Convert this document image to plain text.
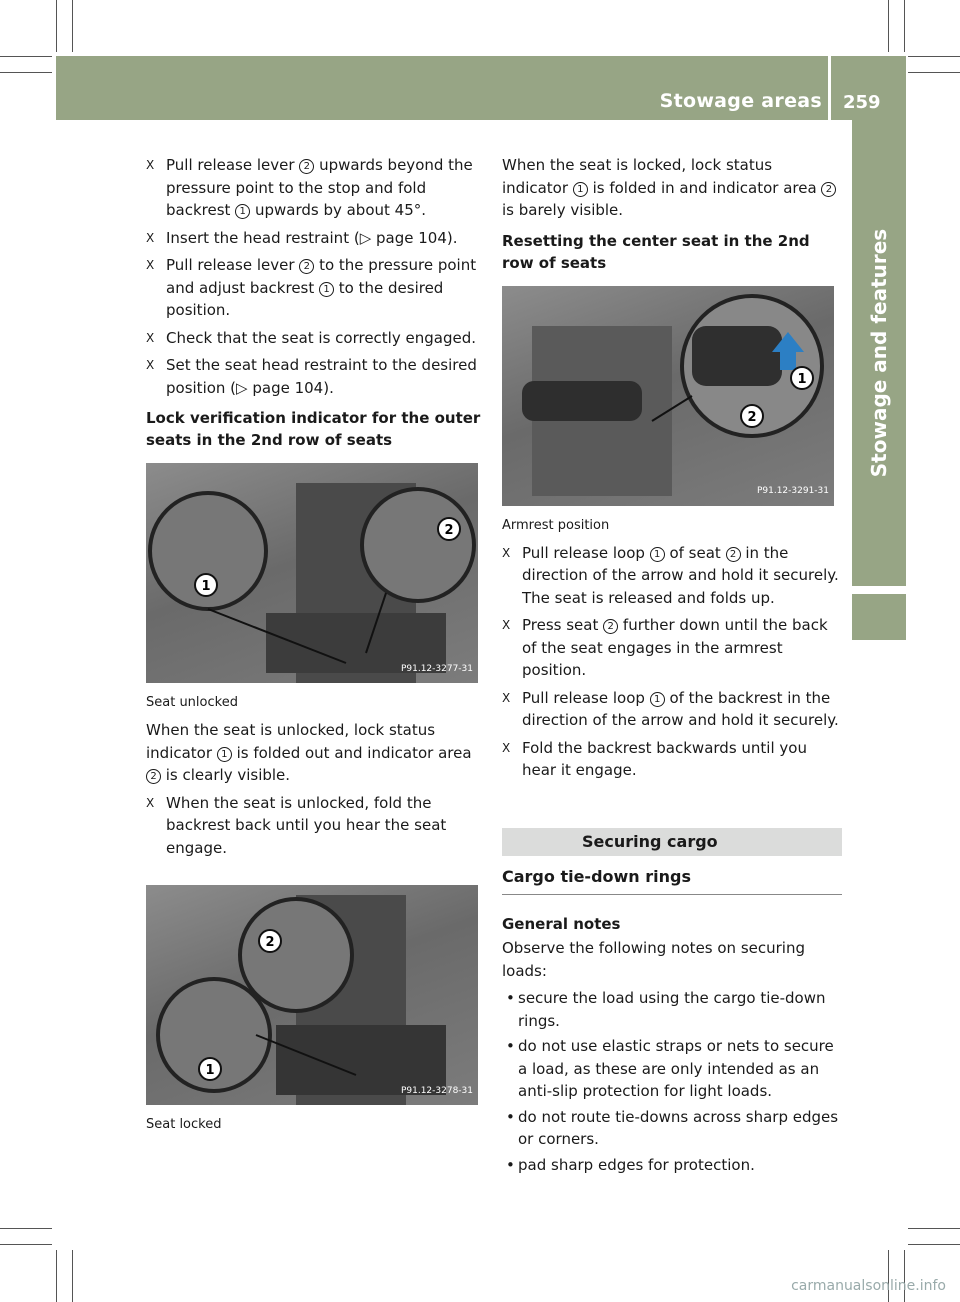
Stowage areas 259
Stowage and features
X Pull release lever 2 upwards beyond the pressure point to the stop and fold backrest 1 upwards by about 45°.
X Insert the head restraint (▷ page 104).
X Pull release lever 2 to the pressure point and adjust backrest 1 to the desired position.
X Check that the seat is correctly engaged.
X Set the seat head restraint to the desired position (▷ page 104).
Lock verification indicator for the outer seats in the 2nd row of seats
1
2
P91.12-3277-31
Seat unlocked

When the seat is unlocked, lock status indicator 1 is folded out and indicator area 2 is clearly visible.

X When the seat is unlocked, fold the backrest back until you hear the seat engage.
2
1
P91.12-3278-31
Seat locked

When the seat is locked, lock status indicator 1 is folded in and indicator area 2 is barely visible.

Resetting the center seat in the 2nd row of seats
1
2
P91.12-3291-31
Armrest position
X Pull release loop 1 of seat 2 in the direction of the arrow and hold it securely. The seat is released and folds up.
X Press seat 2 further down until the back of the seat engages in the armrest position.
X Pull release loop 1 of the backrest in the direction of the arrow and hold it securely.
X Fold the backrest backwards until you hear it engage.
Securing cargo
Cargo tie-down rings
General notes

Observe the following notes on securing loads:

• secure the load using the cargo tie-down rings.
• do not use elastic straps or nets to secure a load, as these are only intended as an anti-slip protection for light loads.
• do not route tie-downs across sharp edges or corners.
• pad sharp edges for protection.
carmanualsonline.info
